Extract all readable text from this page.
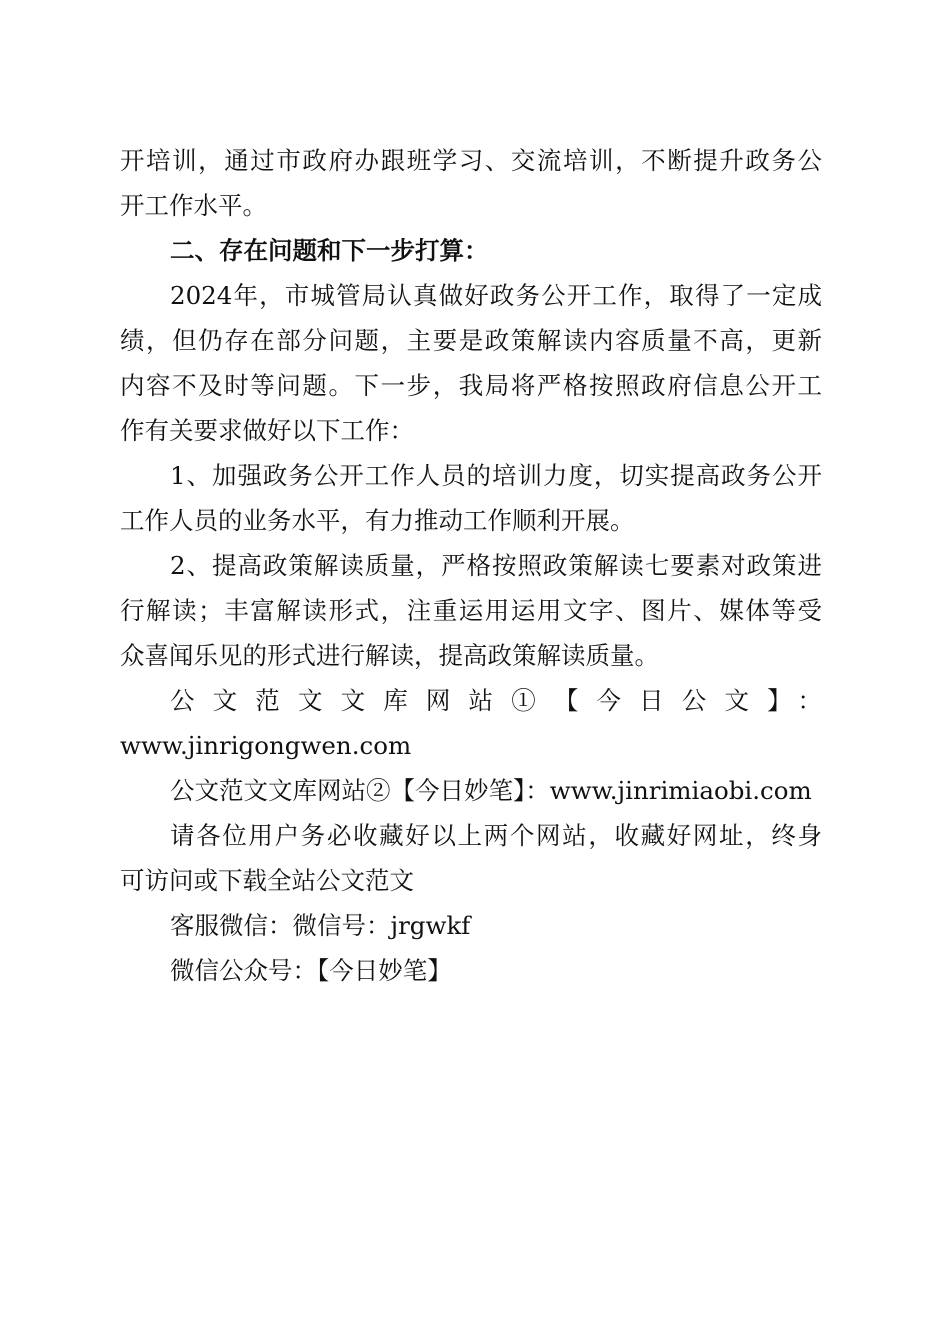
开培训，通过市政府办跟班学习、交流培训，不断提升政务公
开工作水平。
二、存在问题和下一步打算：
2024年，市城管局认真做好政务公开工作，取得了一定成
绩，但仍存在部分问题，主要是政策解读内容质量不高，更新
内容不及时等问题。下一步，我局将严格按照政府信息公开工
作有关要求做好以下工作：
1、加强政务公开工作人员的培训力度，切实提高政务公开
工作人员的业务水平，有力推动工作顺利开展。
2、提高政策解读质量，严格按照政策解读七要素对政策进
行解读；丰富解读形式，注重运用运用文字、图片、媒体等受
众喜闻乐见的形式进行解读，提高政策解读质量。
公文范文文库网站①【今日公文】：
www.jinrigongwen.com
公文范文文库网站②【今日妙笔】：www.jinrimiaobi.com
请各位用户务必收藏好以上两个网站，收藏好网址，终身
可访问或下载全站公文范文
客服微信：微信号：jrgwkf
微信公众号：【今日妙笔】
